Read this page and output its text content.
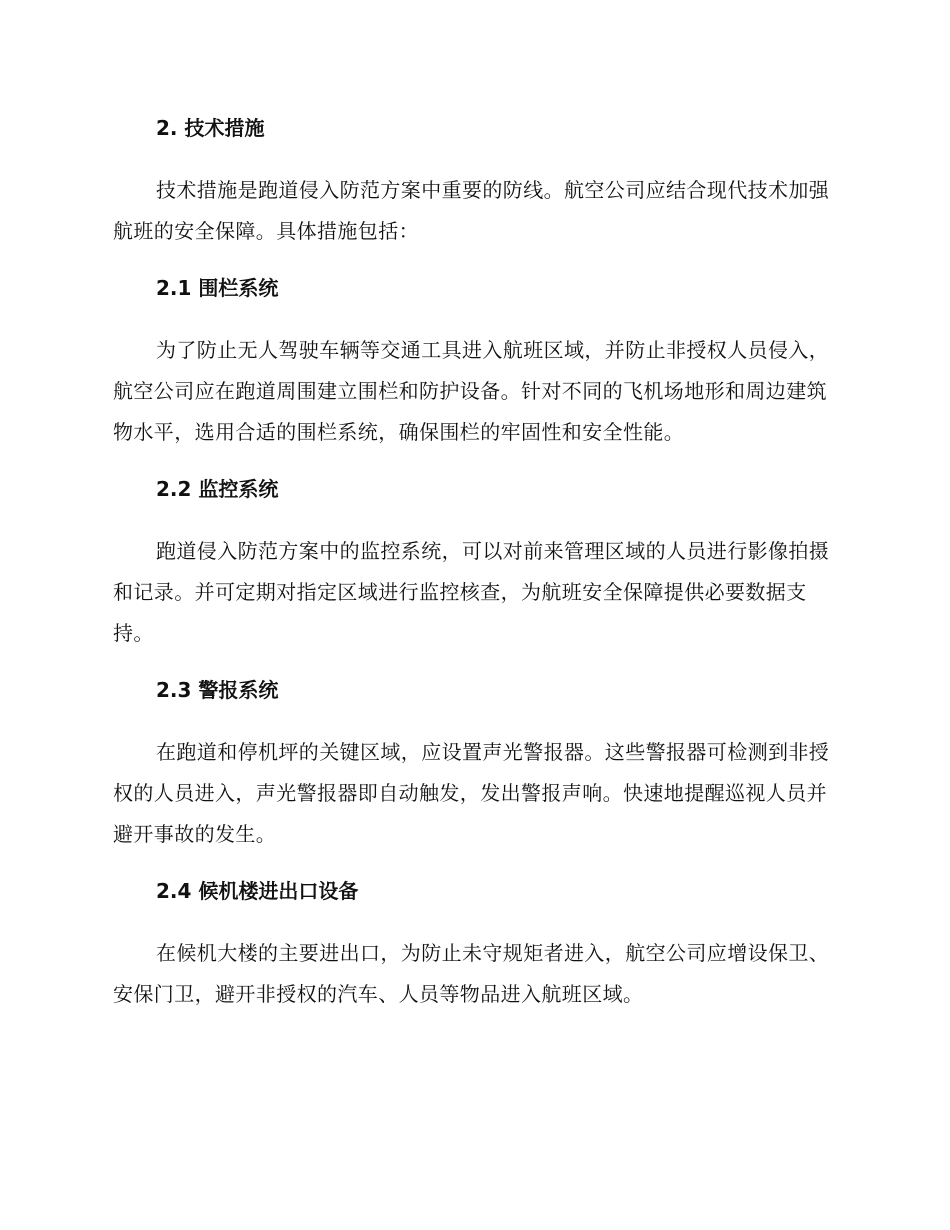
2. 技术措施

技术措施是跑道侵入防范方案中重要的防线。航空公司应结合现代技术加强航班的安全保障。具体措施包括：

2.1 围栏系统

为了防止无人驾驶车辆等交通工具进入航班区域，并防止非授权人员侵入，航空公司应在跑道周围建立围栏和防护设备。针对不同的飞机场地形和周边建筑物水平，选用合适的围栏系统，确保围栏的牢固性和安全性能。

2.2 监控系统

跑道侵入防范方案中的监控系统，可以对前来管理区域的人员进行影像拍摄和记录。并可定期对指定区域进行监控核查，为航班安全保障提供必要数据支持。

2.3 警报系统

在跑道和停机坪的关键区域，应设置声光警报器。这些警报器可检测到非授权的人员进入，声光警报器即自动触发，发出警报声响。快速地提醒巡视人员并避开事故的发生。

2.4 候机楼进出口设备

在候机大楼的主要进出口，为防止未守规矩者进入，航空公司应增设保卫、安保门卫，避开非授权的汽车、人员等物品进入航班区域。
